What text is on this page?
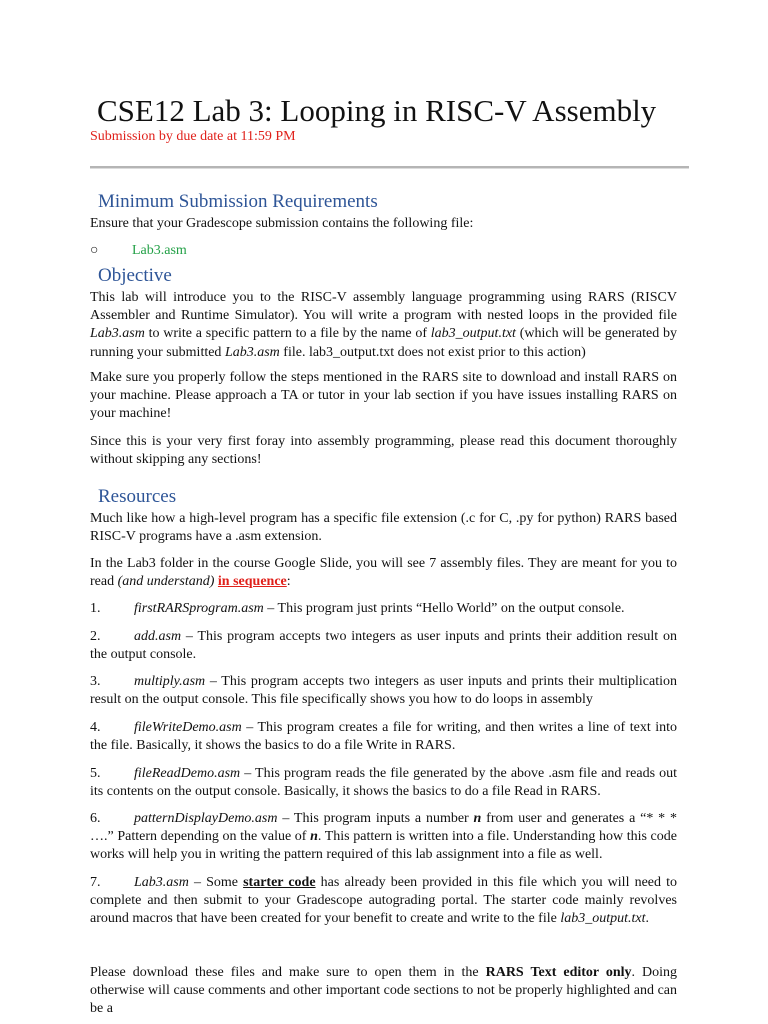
CSE12 Lab 3: Looping in RISC-V Assembly
Submission by due date at 11:59 PM
Minimum Submission Requirements
Ensure that your Gradescope submission contains the following file:
○ Lab3.asm
Objective
This lab will introduce you to the RISC-V assembly language programming using RARS (RISCV Assembler and Runtime Simulator). You will write a program with nested loops in the provided file Lab3.asm to write a specific pattern to a file by the name of lab3_output.txt (which will be generated by running your submitted Lab3.asm file. lab3_output.txt does not exist prior to this action)
Make sure you properly follow the steps mentioned in the RARS site to download and install RARS on your machine. Please approach a TA or tutor in your lab section if you have issues installing RARS on your machine!
Since this is your very first foray into assembly programming, please read this document thoroughly without skipping any sections!
Resources
Much like how a high-level program has a specific file extension (.c for C, .py for python) RARS based RISC-V programs have a .asm extension.
In the Lab3 folder in the course Google Slide, you will see 7 assembly files. They are meant for you to read (and understand) in sequence:
1. firstRARSprogram.asm – This program just prints “Hello World” on the output console.
2. add.asm – This program accepts two integers as user inputs and prints their addition result on the output console.
3. multiply.asm – This program accepts two integers as user inputs and prints their multiplication result on the output console. This file specifically shows you how to do loops in assembly
4. fileWriteDemo.asm – This program creates a file for writing, and then writes a line of text into the file. Basically, it shows the basics to do a file Write in RARS.
5. fileReadDemo.asm – This program reads the file generated by the above .asm file and reads out its contents on the output console. Basically, it shows the basics to do a file Read in RARS.
6. patternDisplayDemo.asm – This program inputs a number n from user and generates a “* * * ….” Pattern depending on the value of n. This pattern is written into a file. Understanding how this code works will help you in writing the pattern required of this lab assignment into a file as well.
7. Lab3.asm – Some starter code has already been provided in this file which you will need to complete and then submit to your Gradescope autograding portal. The starter code mainly revolves around macros that have been created for your benefit to create and write to the file lab3_output.txt.
Please download these files and make sure to open them in the RARS Text editor only. Doing otherwise will cause comments and other important code sections to not be properly highlighted and can be a
